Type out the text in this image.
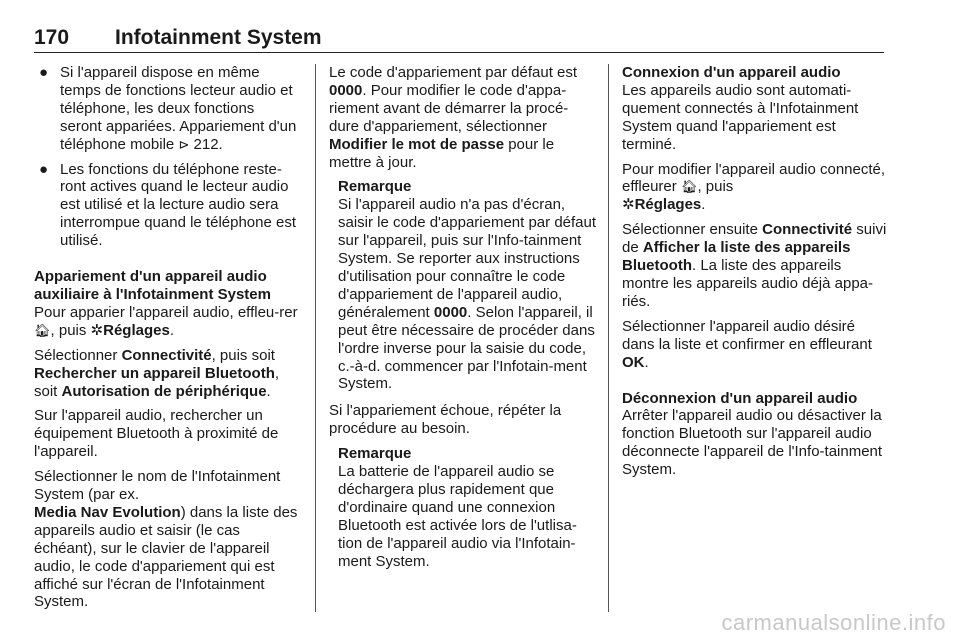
170 Infotainment System
● Si l'appareil dispose en même temps de fonctions lecteur audio et téléphone, les deux fonctions seront appariées. Appariement d'un téléphone mobile ⊳ 212.
● Les fonctions du téléphone reste-ront actives quand le lecteur audio est utilisé et la lecture audio sera interrompue quand le téléphone est utilisé.

Appariement d'un appareil audio auxiliaire à l'Infotainment System

Pour apparier l'appareil audio, effleu-rer 🏠︎, puis ✲Réglages.

Sélectionner Connectivité, puis soit Rechercher un appareil Bluetooth, soit Autorisation de périphérique.

Sur l'appareil audio, rechercher un équipement Bluetooth à proximité de l'appareil.

Sélectionner le nom de l'Infotainment System (par ex.
Media Nav Evolution) dans la liste des appareils audio et saisir (le cas échéant), sur le clavier de l'appareil audio, le code d'appariement qui est affiché sur l'écran de l'Infotainment System.

Le code d'appariement par défaut est 0000. Pour modifier le code d'appa-riement avant de démarrer la procé-dure d'appariement, sélectionner Modifier le mot de passe pour le mettre à jour.

Remarque
Si l'appareil audio n'a pas d'écran, saisir le code d'appariement par défaut sur l'appareil, puis sur l'Info-tainment System. Se reporter aux instructions d'utilisation pour connaître le code d'appariement de l'appareil audio, généralement 0000. Selon l'appareil, il peut être nécessaire de procéder dans l'ordre inverse pour la saisie du code, c.-à-d. commencer par l'Infotain-ment System.

Si l'appariement échoue, répéter la procédure au besoin.

Remarque
La batterie de l'appareil audio se déchargera plus rapidement que d'ordinaire quand une connexion Bluetooth est activée lors de l'utlisa-tion de l'appareil audio via l'Infotain-ment System.

Connexion d'un appareil audio

Les appareils audio sont automati-quement connectés à l'Infotainment System quand l'appariement est terminé.

Pour modifier l'appareil audio connecté, effleurer 🏠︎, puis
✲Réglages.

Sélectionner ensuite Connectivité suivi de Afficher la liste des appareils Bluetooth. La liste des appareils montre les appareils audio déjà appa-riés.

Sélectionner l'appareil audio désiré dans la liste et confirmer en effleurant OK.

Déconnexion d'un appareil audio

Arrêter l'appareil audio ou désactiver la fonction Bluetooth sur l'appareil audio déconnecte l'appareil de l'Info-tainment System.

carmanualsonline.info
